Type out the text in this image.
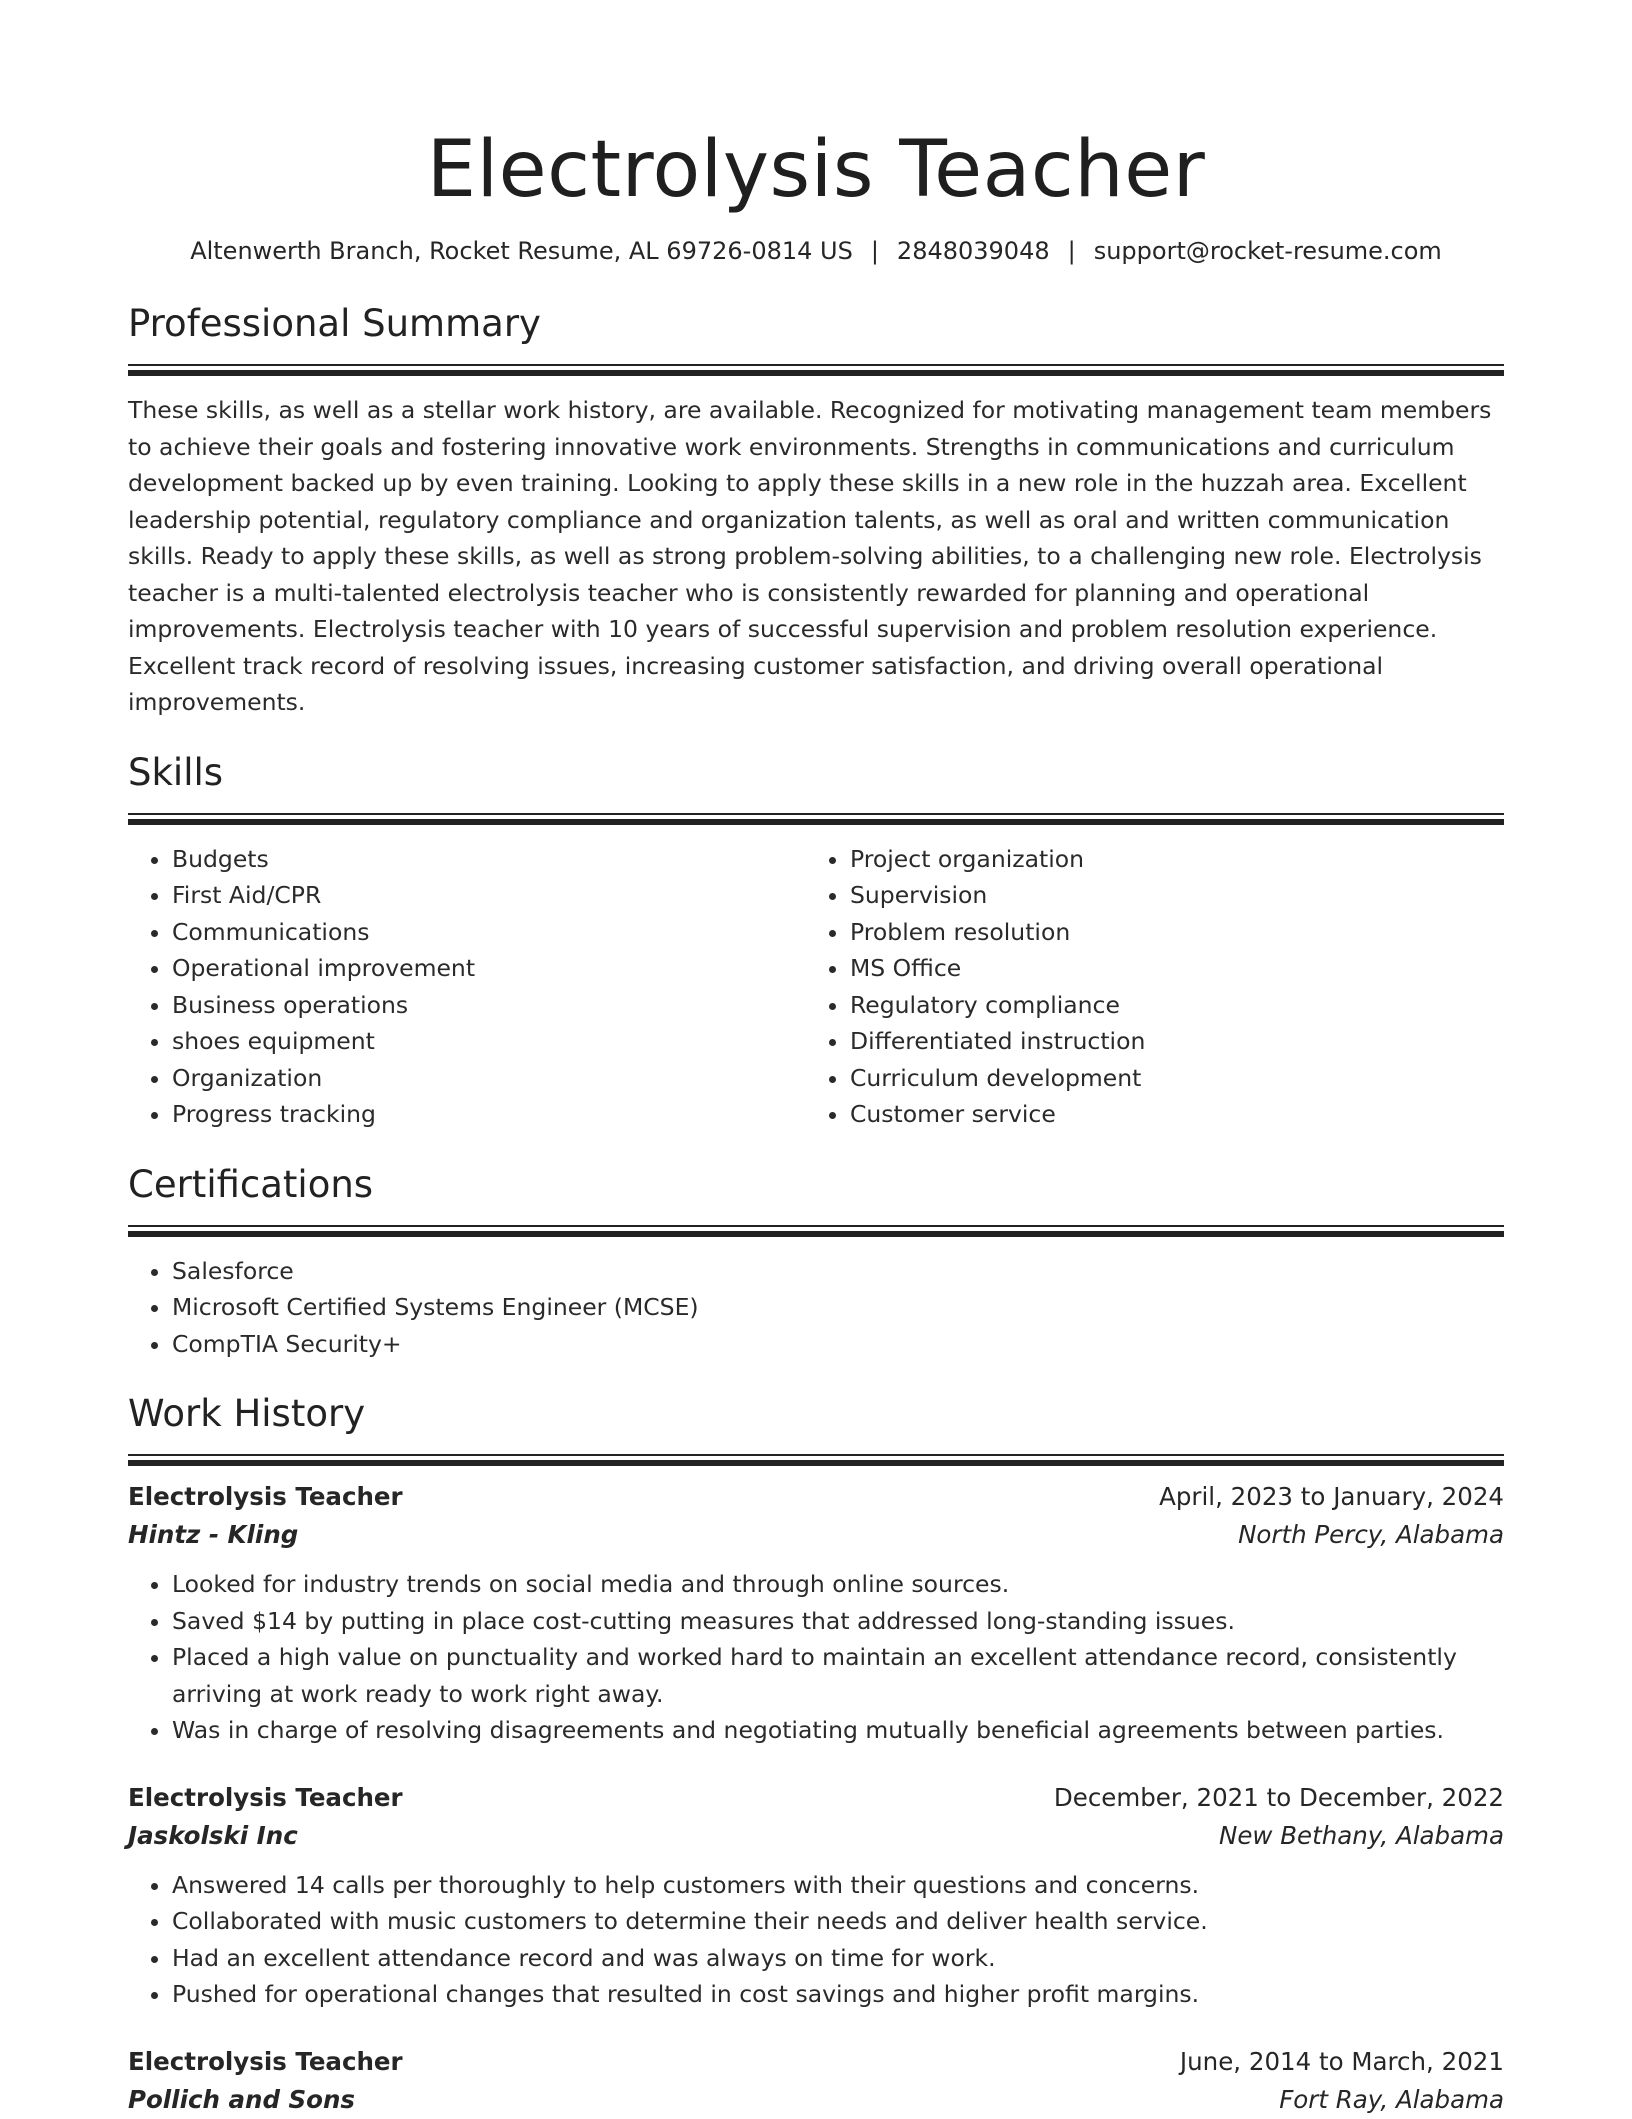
Electrolysis Teacher
Altenwerth Branch, Rocket Resume, AL 69726-0814 US | 2848039048 | support@rocket-resume.com
Professional Summary

These skills, as well as a stellar work history, are available. Recognized for motivating management team members to achieve their goals and fostering innovative work environments. Strengths in communications and curriculum development backed up by even training. Looking to apply these skills in a new role in the huzzah area. Excellent leadership potential, regulatory compliance and organization talents, as well as oral and written communication skills. Ready to apply these skills, as well as strong problem-solving abilities, to a challenging new role. Electrolysis teacher is a multi-talented electrolysis teacher who is consistently rewarded for planning and operational improvements. Electrolysis teacher with 10 years of successful supervision and problem resolution experience. Excellent track record of resolving issues, increasing customer satisfaction, and driving overall operational improvements.

Skills
• Budgets
• First Aid/CPR
• Communications
• Operational improvement
• Business operations
• shoes equipment
• Organization
• Progress tracking
• Project organization
• Supervision
• Problem resolution
• MS Office
• Regulatory compliance
• Differentiated instruction
• Curriculum development
• Customer service
Certifications
• Salesforce
• Microsoft Certified Systems Engineer (MCSE)
• CompTIA Security+
Work History
Electrolysis Teacher	April, 2023 to January, 2024
Hintz - Kling	North Percy, Alabama
• Looked for industry trends on social media and through online sources.
• Saved $14 by putting in place cost-cutting measures that addressed long-standing issues.
• Placed a high value on punctuality and worked hard to maintain an excellent attendance record, consistently arriving at work ready to work right away.
• Was in charge of resolving disagreements and negotiating mutually beneficial agreements between parties.
Electrolysis Teacher	December, 2021 to December, 2022
Jaskolski Inc	New Bethany, Alabama
• Answered 14 calls per thoroughly to help customers with their questions and concerns.
• Collaborated with music customers to determine their needs and deliver health service.
• Had an excellent attendance record and was always on time for work.
• Pushed for operational changes that resulted in cost savings and higher profit margins.
Electrolysis Teacher	June, 2014 to March, 2021
Pollich and Sons	Fort Ray, Alabama
